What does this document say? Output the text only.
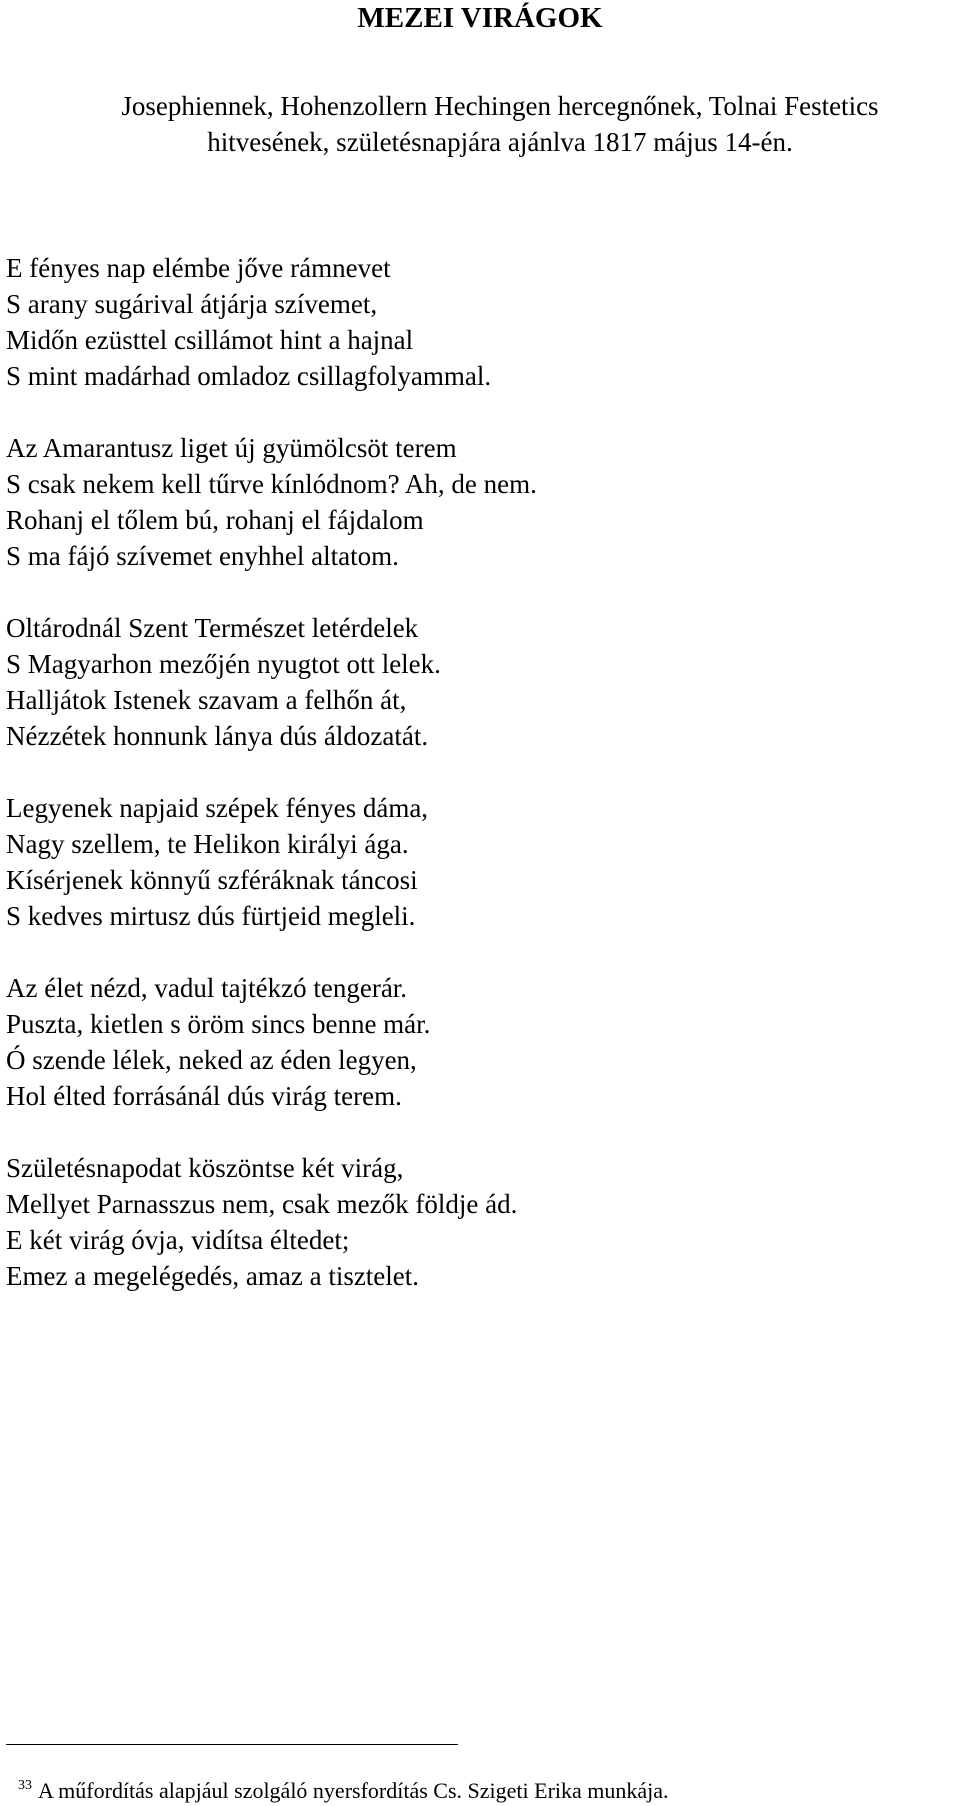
MEZEI VIRÁGOK
Josephiennek, Hohenzollern Hechingen hercegnőnek, Tolnai Festetics
hitvesének, születésnapjára ajánlva 1817 május 14-én.
E fényes nap elémbe jőve rámnevet
S arany sugárival átjárja szívemet,
Midőn ezüsttel csillámot hint a hajnal
S mint madárhad omladoz csillagfolyammal.
Az Amarantusz liget új gyümölcsöt terem
S csak nekem kell tűrve kínlódnom? Ah, de nem.
Rohanj el tőlem bú, rohanj el fájdalom
S ma fájó szívemet enyhhel altatom.
Oltárodnál Szent Természet letérdelek
S Magyarhon mezőjén nyugtot ott lelek.
Halljátok Istenek szavam a felhőn át,
Nézzétek honnunk lánya dús áldozatát.
Legyenek napjaid szépek fényes dáma,
Nagy szellem, te Helikon királyi ága.
Kísérjenek könnyű szféráknak táncosi
S kedves mirtusz dús fürtjeid megleli.
Az élet nézd, vadul tajtékzó tengerár.
Puszta, kietlen s öröm sincs benne már.
Ó szende lélek, neked az éden legyen,
Hol élted forrásánál dús virág terem.
Születésnapodat köszöntse két virág,
Mellyet Parnasszus nem, csak mezők földje ád.
E két virág óvja, vidítsa éltedet;
Emez a megelégedés, amaz a tisztelet.
$^{33}$ A műfordítás alapjául szolgáló nyersfordítás Cs. Szigeti Erika munkája.
